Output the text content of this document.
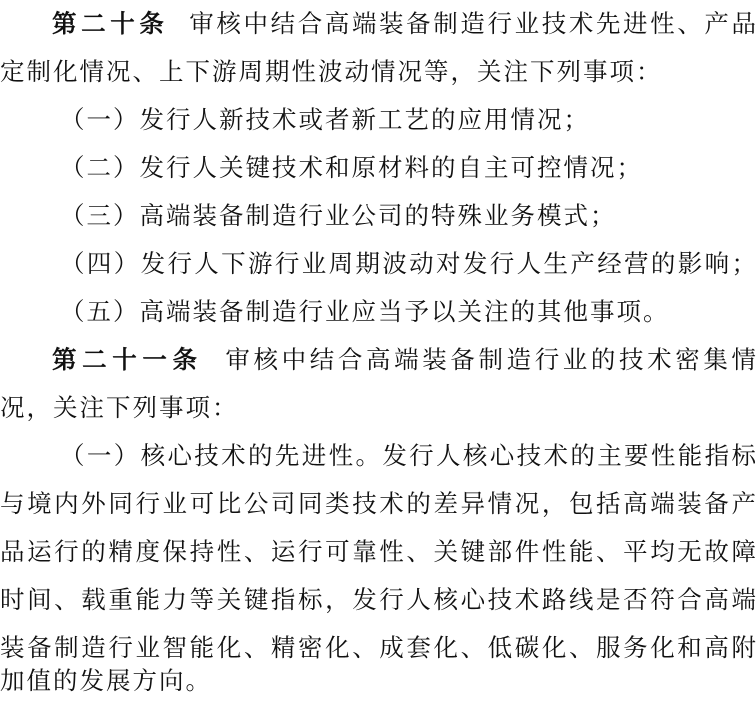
第二十条 审核中结合高端装备制造行业技术先进性、产品
定制化情况、上下游周期性波动情况等，关注下列事项：
（一）发行人新技术或者新工艺的应用情况；
（二）发行人关键技术和原材料的自主可控情况；
（三）高端装备制造行业公司的特殊业务模式；
（四）发行人下游行业周期波动对发行人生产经营的影响；
（五）高端装备制造行业应当予以关注的其他事项。
第二十一条 审核中结合高端装备制造行业的技术密集情
况，关注下列事项：
（一）核心技术的先进性。发行人核心技术的主要性能指标
与境内外同行业可比公司同类技术的差异情况，包括高端装备产
品运行的精度保持性、运行可靠性、关键部件性能、平均无故障
时间、载重能力等关键指标，发行人核心技术路线是否符合高端
装备制造行业智能化、精密化、成套化、低碳化、服务化和高附
加值的发展方向。
